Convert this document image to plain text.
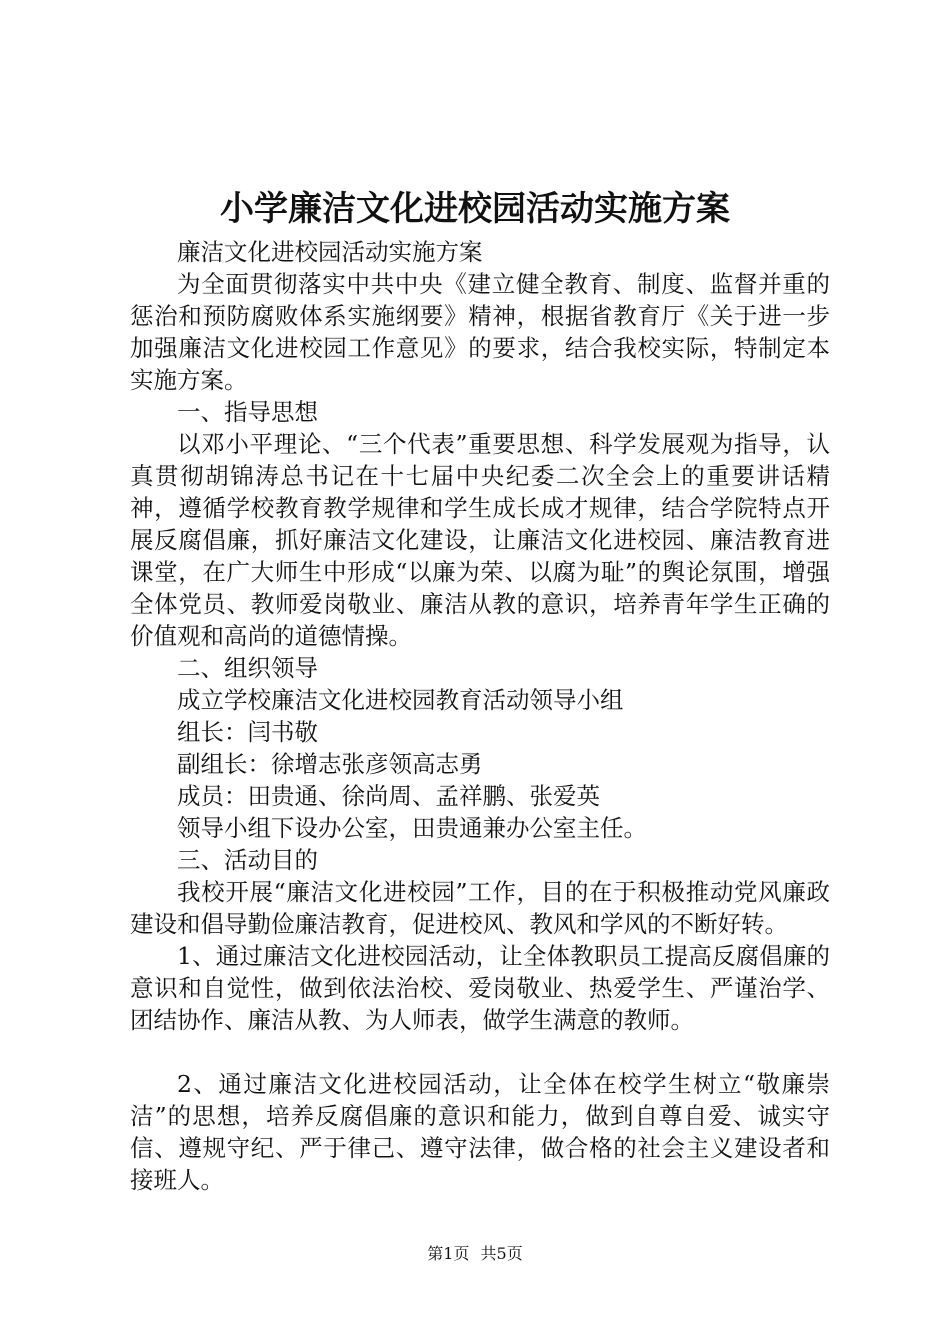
小学廉洁文化进校园活动实施方案

廉洁文化进校园活动实施方案

为全面贯彻落实中共中央《建立健全教育、制度、监督并重的惩治和预防腐败体系实施纲要》精神，根据省教育厅《关于进一步加强廉洁文化进校园工作意见》的要求，结合我校实际，特制定本实施方案。

一、指导思想

以邓小平理论、“三个代表”重要思想、科学发展观为指导，认真贯彻胡锦涛总书记在十七届中央纪委二次全会上的重要讲话精神，遵循学校教育教学规律和学生成长成才规律，结合学院特点开展反腐倡廉，抓好廉洁文化建设，让廉洁文化进校园、廉洁教育进课堂，在广大师生中形成“以廉为荣、以腐为耻”的舆论氛围，增强全体党员、教师爱岗敬业、廉洁从教的意识，培养青年学生正确的价值观和高尚的道德情操。

二、组织领导

成立学校廉洁文化进校园教育活动领导小组

组长：闫书敬

副组长：徐增志张彦领高志勇

成员：田贵通、徐尚周、孟祥鹏、张爱英

领导小组下设办公室，田贵通兼办公室主任。

三、活动目的

我校开展“廉洁文化进校园”工作，目的在于积极推动党风廉政建设和倡导勤俭廉洁教育，促进校风、教风和学风的不断好转。

1、通过廉洁文化进校园活动，让全体教职员工提高反腐倡廉的意识和自觉性，做到依法治校、爱岗敬业、热爱学生、严谨治学、团结协作、廉洁从教、为人师表，做学生满意的教师。

2、通过廉洁文化进校园活动，让全体在校学生树立“敬廉崇洁”的思想，培养反腐倡廉的意识和能力，做到自尊自爱、诚实守信、遵规守纪、严于律己、遵守法律，做合格的社会主义建设者和接班人。

第1页 共5页
